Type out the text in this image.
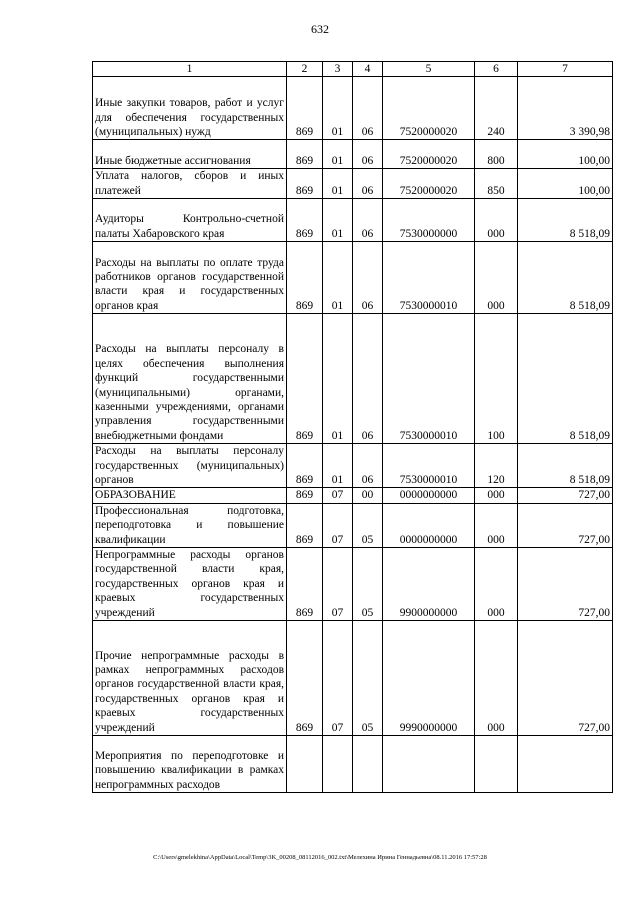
632
1	2	3	4	5	6	7
Иные закупки товаров, работ и услуг для обеспечения государственных (муниципальных) нужд	869	01	06	7520000020	240	3 390,98
Иные бюджетные ассигнования	869	01	06	7520000020	800	100,00
Уплата налогов, сборов и иных платежей	869	01	06	7520000020	850	100,00
Аудиторы Контрольно-счетной палаты Хабаровского края	869	01	06	7530000000	000	8 518,09
Расходы на выплаты по оплате труда работников органов государственной власти края и государственных органов края	869	01	06	7530000010	000	8 518,09
Расходы на выплаты персоналу в целях обеспечения выполнения функций государственными (муниципальными) органами, казенными учреждениями, органами управления государственными внебюджетными фондами	869	01	06	7530000010	100	8 518,09
Расходы на выплаты персоналу государственных (муниципальных) органов	869	01	06	7530000010	120	8 518,09
ОБРАЗОВАНИЕ	869	07	00	0000000000	000	727,00
Профессиональная подготовка, переподготовка и повышение квалификации	869	07	05	0000000000	000	727,00
Непрограммные расходы органов государственной власти края, государственных органов края и краевых государственных учреждений	869	07	05	9900000000	000	727,00
Прочие непрограммные расходы в рамках непрограммных расходов органов государственной власти края, государственных органов края и краевых государственных учреждений	869	07	05	9990000000	000	727,00
Мероприятия по переподготовке и повышению квалификации в рамках непрограммных расходов						
C:\Users\gmelekhina\AppData\Local\Temp\3K_00208_08112016_002.txt\Мелехина Ирина Геннадьевна\08.11.2016 17:57:28
